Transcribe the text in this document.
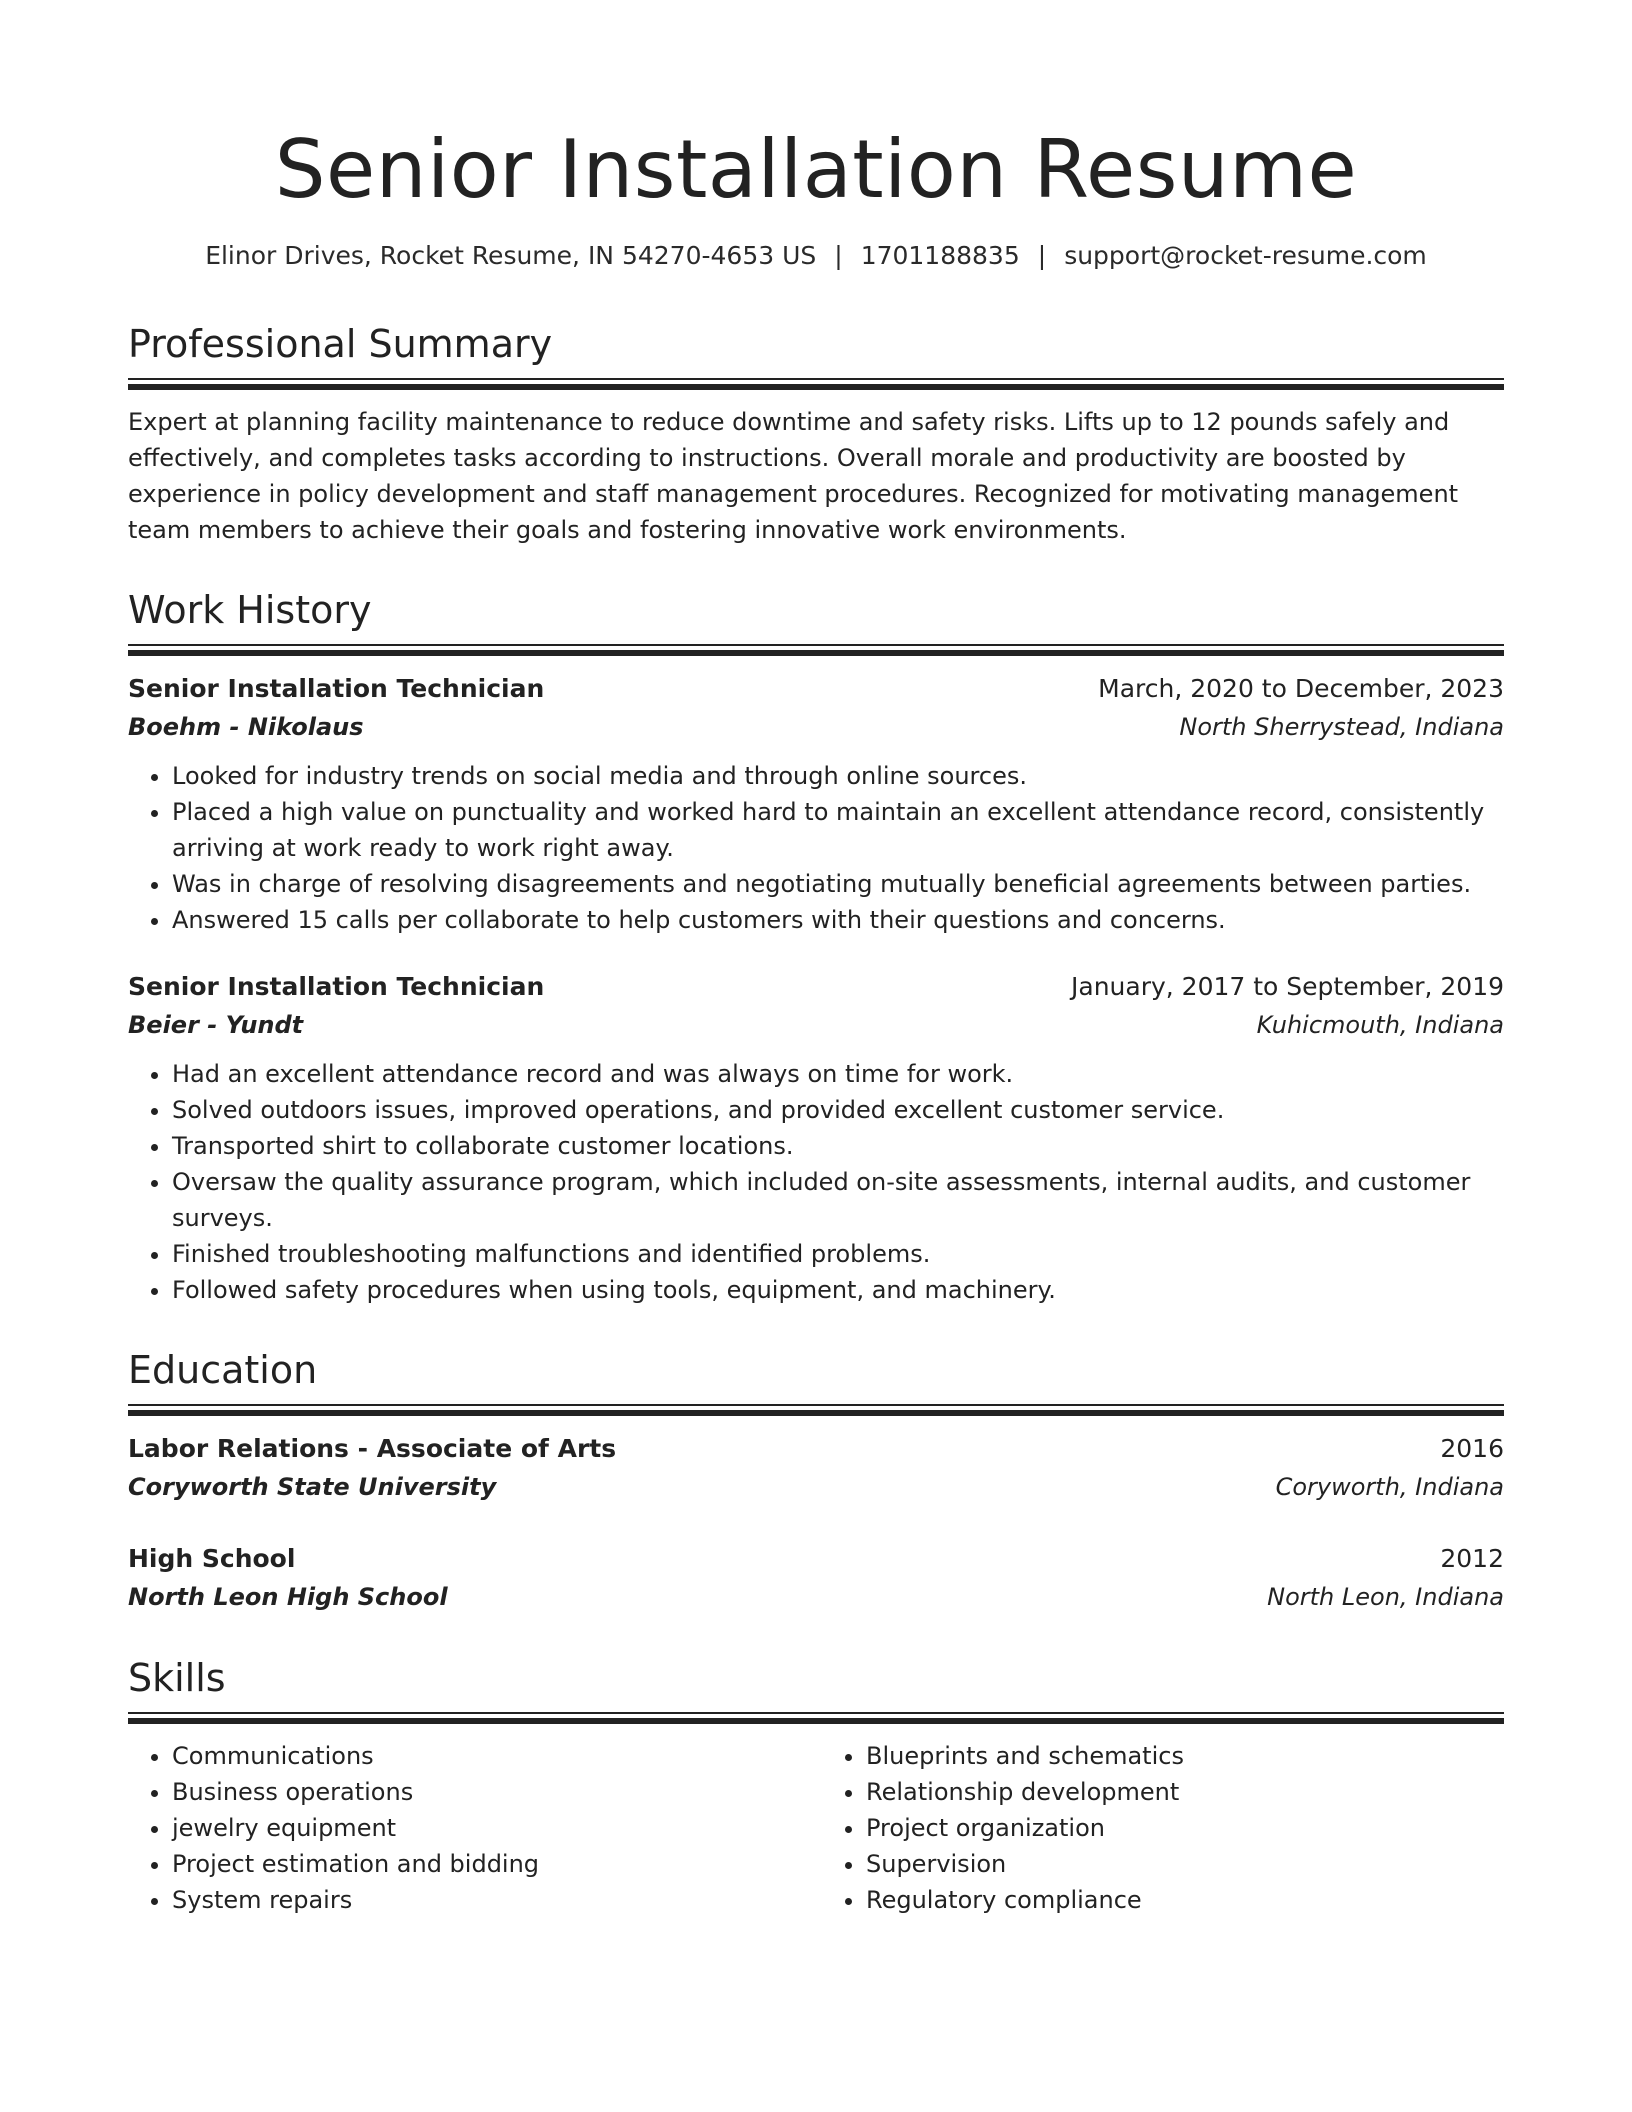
Senior Installation Resume
Elinor Drives, Rocket Resume, IN 54270-4653 US | 1701188835 | support@rocket-resume.com
Professional Summary

Expert at planning facility maintenance to reduce downtime and safety risks. Lifts up to 12 pounds safely and effectively, and completes tasks according to instructions. Overall morale and productivity are boosted by experience in policy development and staff management procedures. Recognized for motivating management team members to achieve their goals and fostering innovative work environments.

Work History
Senior Installation Technician	March, 2020 to December, 2023
Boehm - Nikolaus	North Sherrystead, Indiana
• Looked for industry trends on social media and through online sources.
• Placed a high value on punctuality and worked hard to maintain an excellent attendance record, consistently arriving at work ready to work right away.
• Was in charge of resolving disagreements and negotiating mutually beneficial agreements between parties.
• Answered 15 calls per collaborate to help customers with their questions and concerns.
Senior Installation Technician	January, 2017 to September, 2019
Beier - Yundt	Kuhicmouth, Indiana
• Had an excellent attendance record and was always on time for work.
• Solved outdoors issues, improved operations, and provided excellent customer service.
• Transported shirt to collaborate customer locations.
• Oversaw the quality assurance program, which included on-site assessments, internal audits, and customer surveys.
• Finished troubleshooting malfunctions and identified problems.
• Followed safety procedures when using tools, equipment, and machinery.
Education
Labor Relations - Associate of Arts	2016
Coryworth State University	Coryworth, Indiana
High School	2012
North Leon High School	North Leon, Indiana
Skills
• Communications
• Business operations
• jewelry equipment
• Project estimation and bidding
• System repairs
• Blueprints and schematics
• Relationship development
• Project organization
• Supervision
• Regulatory compliance
